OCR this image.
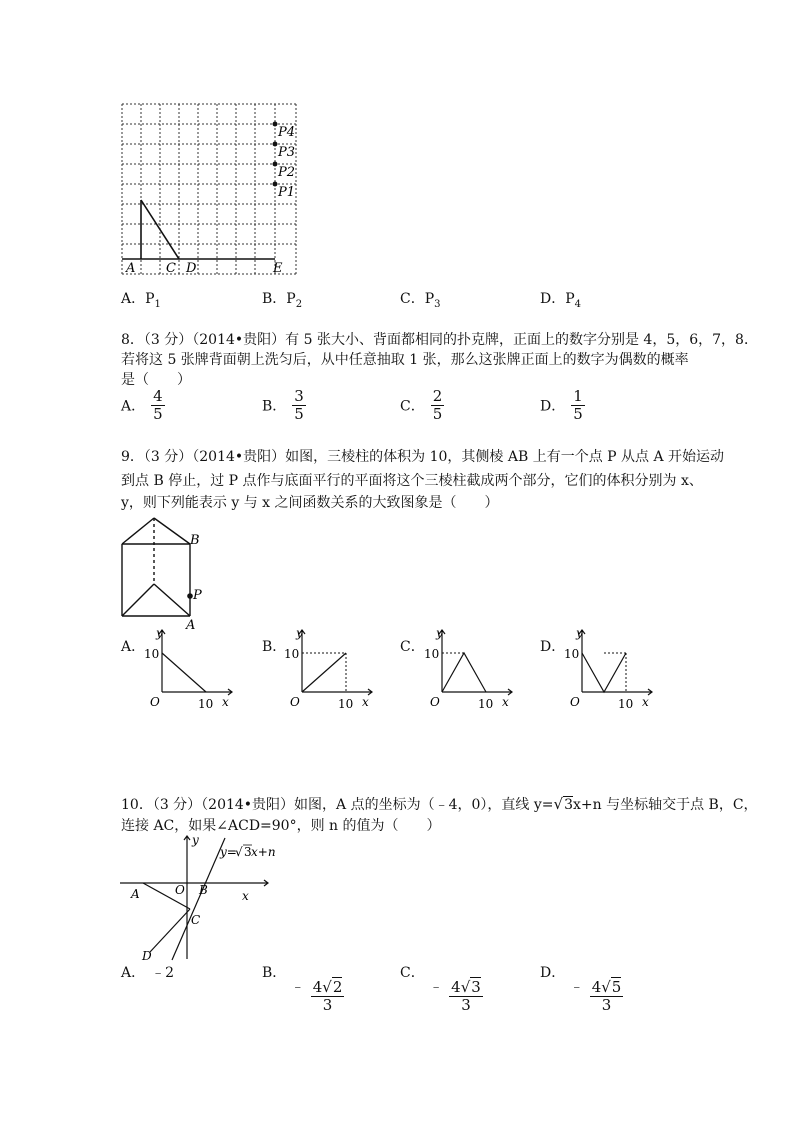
A C D	E
P4
P3
P2
P1
A．$P_1$	B．$P_2$	C．$P_3$	D．$P_4$
8．（3 分）（2014•贵阳）有 5 张大小、背面都相同的扑克牌，正面上的数字分别是 4，5，6，7，8．
若将这 5 张牌背面朝上洗匀后，从中任意抽取 1 张，那么这张牌正面上的数字为偶数的概率
是（　　）
A． $\frac{4}{5}$	B． $\frac{3}{5}$	C． $\frac{2}{5}$	D． $\frac{1}{5}$
9．（3 分）（2014•贵阳）如图，三棱柱的体积为 10，其侧棱 AB 上有一个点 P 从点 A 开始运动
到点 B 停止，过 P 点作与底面平行的平面将这个三棱柱截成两个部分，它们的体积分别为 x、
y，则下列能表示 y 与 x 之间函数关系的大致图象是（　　）
B
P
A
A．
y
10
O	10 x
B．
y
10
O	10 x
C．
y
10
O	10 x
D．
y
10
O	10 x
10．（3 分）（2014•贵阳）如图，A 点的坐标为（﹣4，0），直线 y=√3x+n 与坐标轴交于点 B，C，
连接 AC，如果∠ACD=90°，则 n 的值为（　　）
y=
√ 3 x+n
y
x
O
A	B
C
D
A． ﹣2	B． ﹣ $\frac{4√2}{3}$
C． ﹣ $\frac{4√3}{3}$
D． ﹣ $\frac{4√5}{3}$
